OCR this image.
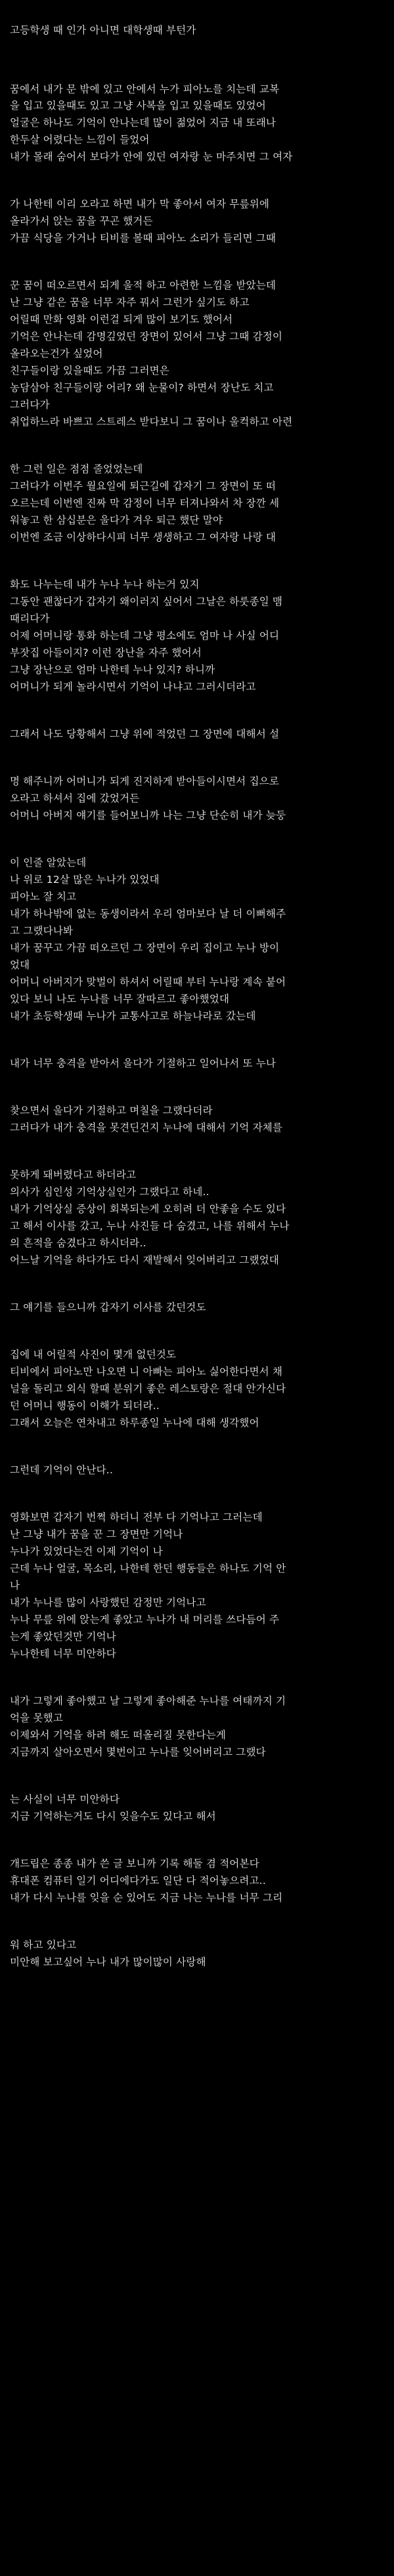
고등학생 때 인가 아니면 대학생때 부턴가
꿈에서 내가 문 밖에 있고 안에서 누가 피아노를 치는데 교복
을 입고 있을때도 있고 그냥 사복을 입고 있을때도 있었어
얼굴은 하나도 기억이 안나는데 많이 젊었어 지금 내 또래나
한두살 어렸다는 느낌이 들었어
내가 몰래 숨어서 보다가 안에 있던 여자랑 눈 마주치면 그 여자
가 나한테 이리 오라고 하면 내가 막 좋아서 여자 무릎위에
올라가서 앉는 꿈을 꾸곤 했거든
가끔 식당을 가거나 티비를 볼때 피아노 소리가 들리면 그때
꾼 꿈이 떠오르면서 되게 울적 하고 아련한 느낌을 받았는데
난 그냥 같은 꿈을 너무 자주 꿔서 그런가 싶기도 하고
어릴때 만화 영화 이런걸 되게 많이 보기도 했어서
기억은 안나는데 감명깊었던 장면이 있어서 그냥 그때 감정이
올라오는건가 싶었어
친구들이랑 있을때도 가끔 그러면은
농담삼아 친구들이랑 어리? 왜 눈물이? 하면서 장난도 치고
그러다가
취업하느라 바쁘고 스트레스 받다보니 그 꿈이나 울컥하고 아련
한 그런 일은 점점 줄었었는데
그러다가 이번주 월요일에 퇴근길에 갑자기 그 장면이 또 떠
오르는데 이번엔 진짜 막 감정이 너무 터져나와서 차 장깐 세
워놓고 한 삼십분은 울다가 겨우 퇴근 했단 말야
이번엔 조금 이상하다시피 너무 생생하고 그 여자랑 나랑 대
화도 나누는데 내가 누나 누나 하는거 있지
그동안 괜찮다가 갑자기 왜이러지 싶어서 그날은 하룻종일 맴
때리다가
어제 어머니랑 통화 하는데 그냥 평소에도 엄마 나 사실 어디
부잣집 아들이지? 이런 장난을 자주 했어서
그냥 장난으로 엄마 나한테 누나 있지? 하니까
어머니가 되게 놀라시면서 기억이 나냐고 그러시더라고
그래서 나도 당황해서 그냥 위에 적었던 그 장면에 대해서 설
명 해주니까 어머니가 되게 진지하게 받아들이시면서 집으로
오라고 하셔서 집에 갔었거든
어머니 아버지 얘기를 들어보니까 나는 그냥 단순히 내가 늦둥
이 인줄 알았는데
나 위로 12살 많은 누나가 있었대
피아노 잘 치고
내가 하나밖에 없는 동생이라서 우리 엄마보다 날 더 이뻐해주
고 그랬다나봐
내가 꿈꾸고 가끔 떠오르던 그 장면이 우리 집이고 누나 방이
었대
어머니 아버지가 맞벌이 하셔서 어릴때 부터 누나랑 계속 붙어
있다 보니 나도 누나를 너무 잘따르고 좋아했었대
내가 초등학생때 누나가 교통사고로 하늘나라로 갔는데
내가 너무 충격을 받아서 울다가 기절하고 일어나서 또 누나
찾으면서 울다가 기절하고 며칠을 그랬다더라
그러다가 내가 충격을 못견딘건지 누나에 대해서 기억 자체를
못하게 돼버렸다고 하더라고
의사가 심인성 기억상실인가 그랬다고 하네..
내가 기억상실 증상이 회복되는게 오히려 더 안좋을 수도 있다
고 해서 이사를 갔고, 누나 사진들 다 숨겼고, 나를 위해서 누나
의 흔적을 숨겼다고 하시더라..
어느날 기억을 하다가도 다시 재발해서 잊어버리고 그랬었대
그 얘기를 들으니까 갑자기 이사를 갔던것도
집에 내 어릴적 사진이 몇개 없던것도
티비에서 피아노만 나오면 니 아빠는 피아노 싫어한다면서 채
널을 돌리고 외식 할때 분위기 좋은 레스토랑은 절대 안가신다
던 어머니 행동이 이해가 되더라..
그래서 오늘은 연차내고 하루종일 누나에 대해 생각했어
그런데 기억이 안난다..
영화보면 갑자기 번쩍 하더니 전부 다 기억나고 그러는데
난 그냥 내가 꿈을 꾼 그 장면만 기억나
누나가 있었다는건 이제 기억이 나
근데 누나 얼굴, 목소리, 나한테 한던 행동들은 하나도 기억 안
나
내가 누나를 많이 사랑했던 감정만 기억나고
누나 무릎 위에 앉는게 좋았고 누나가 내 머리를 쓰다듬어 주
는게 좋았던것만 기억나
누나한테 너무 미안하다
내가 그렇게 좋아했고 날 그렇게 좋아해준 누나를 여태까지 기
억을 못했고
이제와서 기억을 하려 해도 떠올리질 못한다는게
지금까지 살아오면서 몇번이고 누나를 잊어버리고 그랬다
는 사실이 너무 미안하다
지금 기억하는거도 다시 잊을수도 있다고 해서
개드립은 종종 내가 쓴 글 보니까 기록 해둘 겸 적어본다
휴대폰 컴퓨터 일기 어디에다가도 일단 다 적어놓으려고..
내가 다시 누나를 잊을 순 있어도 지금 나는 누나를 너무 그리
워 하고 있다고
미안해 보고싶어 누나 내가 많이많이 사랑해
